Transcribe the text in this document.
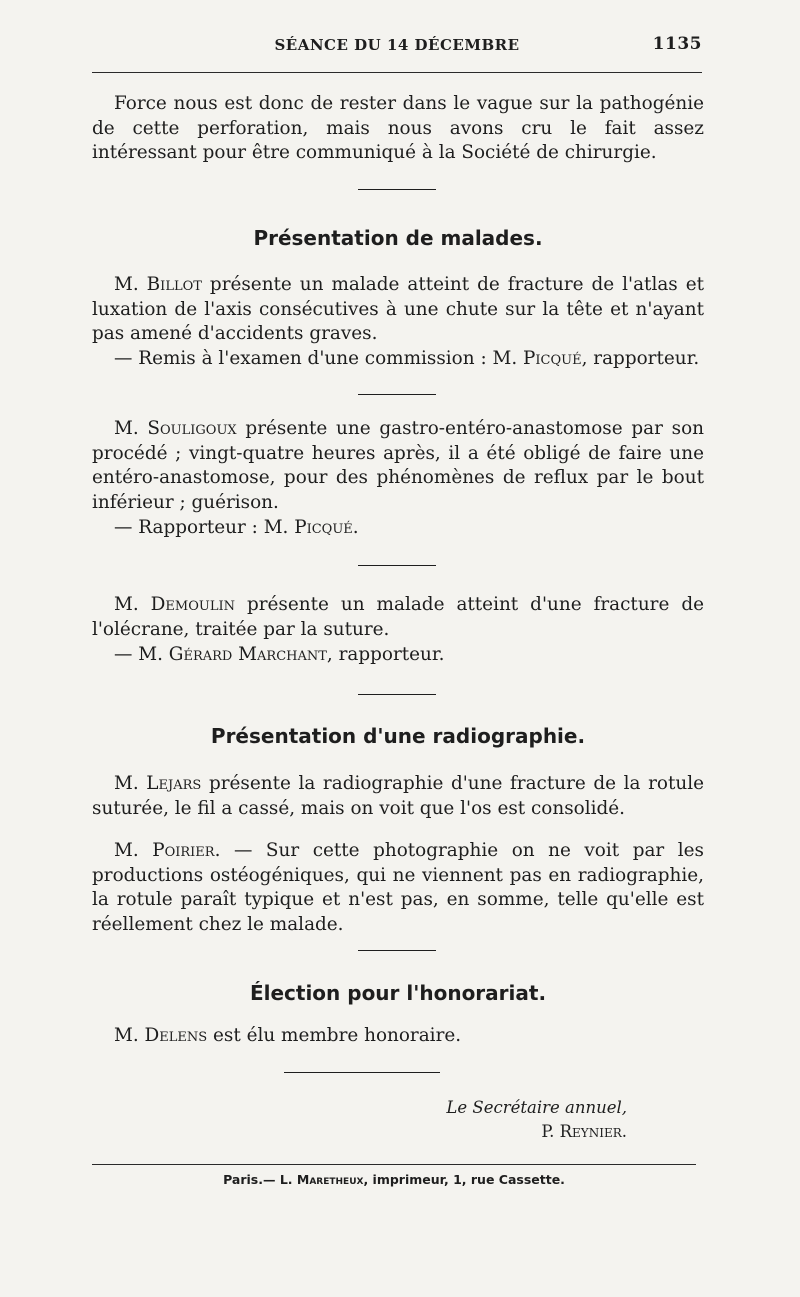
SÉANCE DU 14 DÉCEMBRE	1135

Force nous est donc de rester dans le vague sur la pathogénie de cette perforation, mais nous avons cru le fait assez intéressant pour être communiqué à la Société de chirurgie.

Présentation de malades.

M. Billot présente un malade atteint de fracture de l'atlas et luxation de l'axis consécutives à une chute sur la tête et n'ayant pas amené d'accidents graves.

— Remis à l'examen d'une commission : M. Picqué, rapporteur.

M. Souligoux présente une gastro-entéro-anastomose par son procédé ; vingt-quatre heures après, il a été obligé de faire une entéro-anastomose, pour des phénomènes de reflux par le bout inférieur ; guérison.

— Rapporteur : M. Picqué.

M. Demoulin présente un malade atteint d'une fracture de l'olécrane, traitée par la suture.

— M. Gérard Marchant, rapporteur.

Présentation d'une radiographie.

M. Lejars présente la radiographie d'une fracture de la rotule suturée, le fil a cassé, mais on voit que l'os est consolidé.

M. Poirier. — Sur cette photographie on ne voit par les productions ostéogéniques, qui ne viennent pas en radiographie, la rotule paraît typique et n'est pas, en somme, telle qu'elle est réellement chez le malade.

Élection pour l'honorariat.

M. Delens est élu membre honoraire.

Le Secrétaire annuel,
P. Reynier.
Paris.— L. Maretheux, imprimeur, 1, rue Cassette.
